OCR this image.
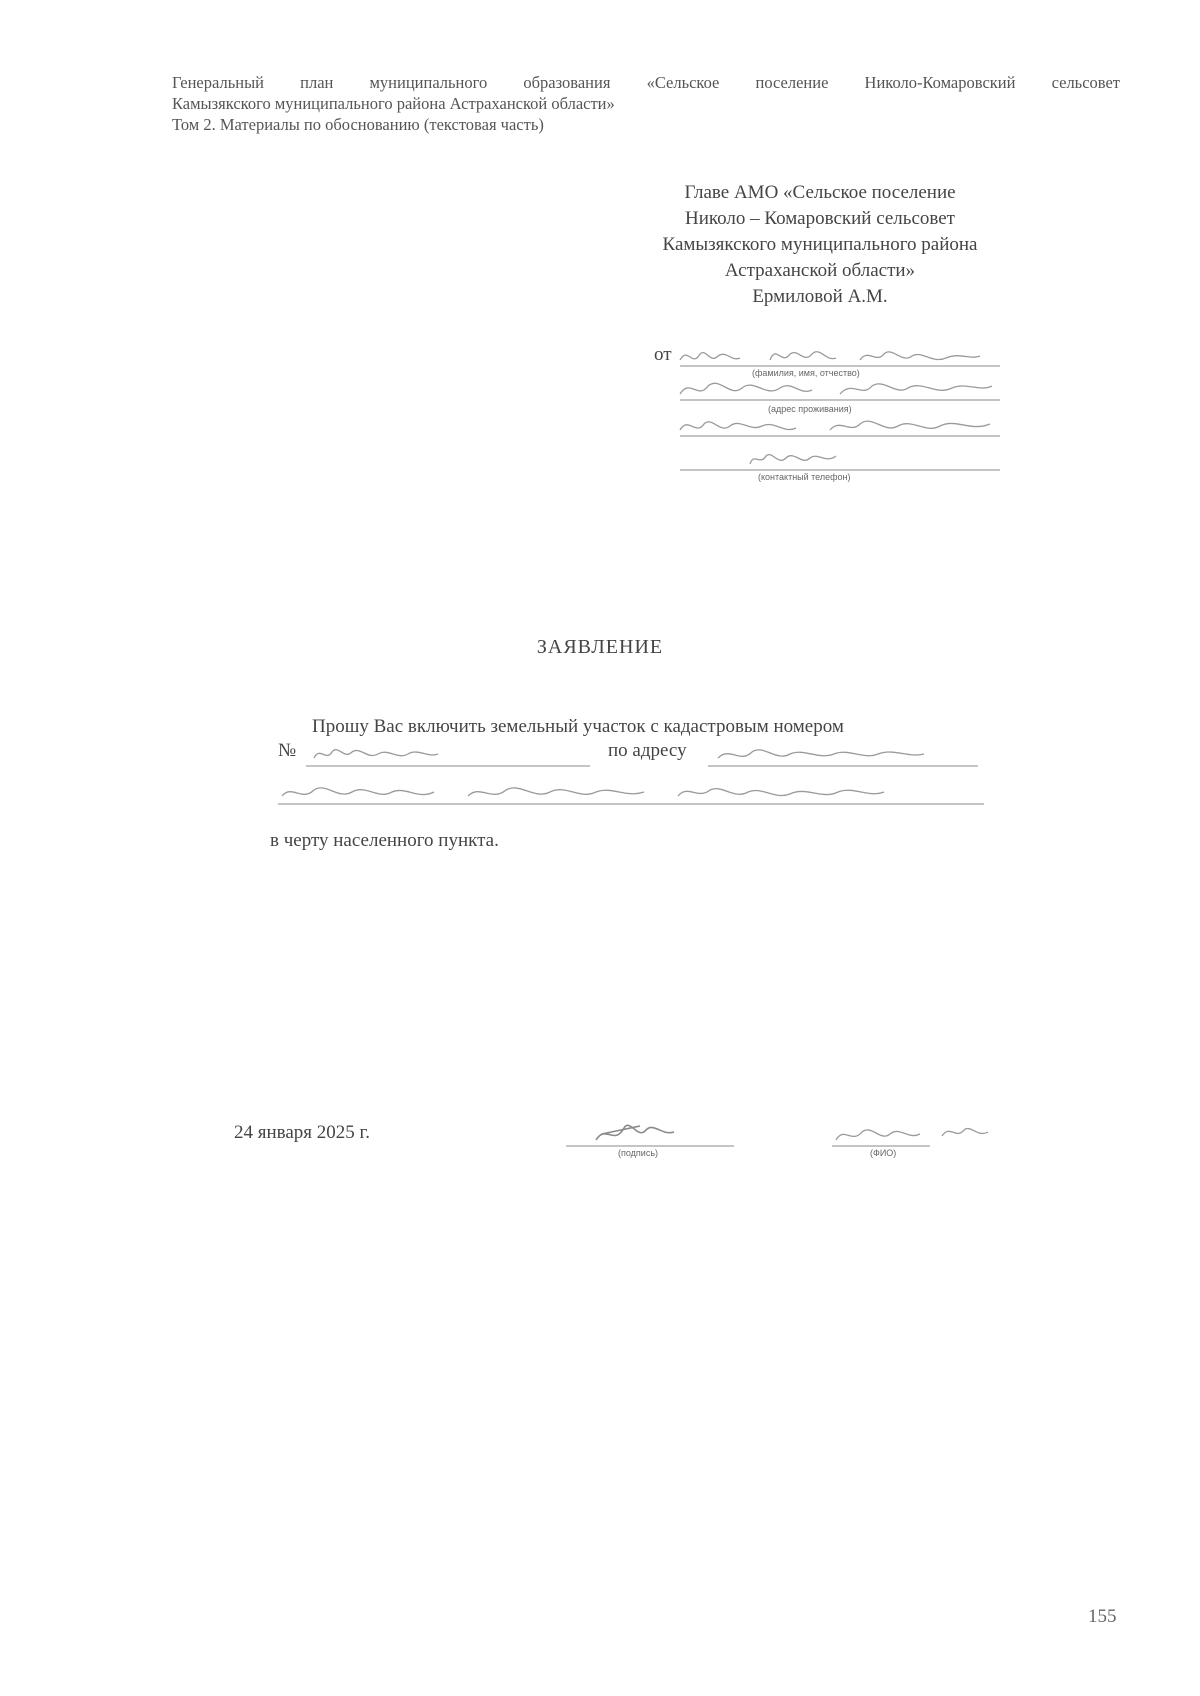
Генеральный план муниципального образования «Сельское поселение Николо-Комаровский сельсовет
Камызякского муниципального района Астраханской области»
Том 2. Материалы по обоснованию (текстовая часть)
Главе АМО «Сельское поселение
Николо – Комаровский сельсовет
Камызякского муниципального района
Астраханской области»
Ермиловой А.М.
от
(фамилия, имя, отчество)
(адрес проживания)
(контактный телефон)
ЗАЯВЛЕНИЕ
Прошу Вас включить земельный участок с кадастровым номером
№	по адресу
в черту населенного пункта.
24 января 2025 г.
(подпись)	(ФИО)
155
